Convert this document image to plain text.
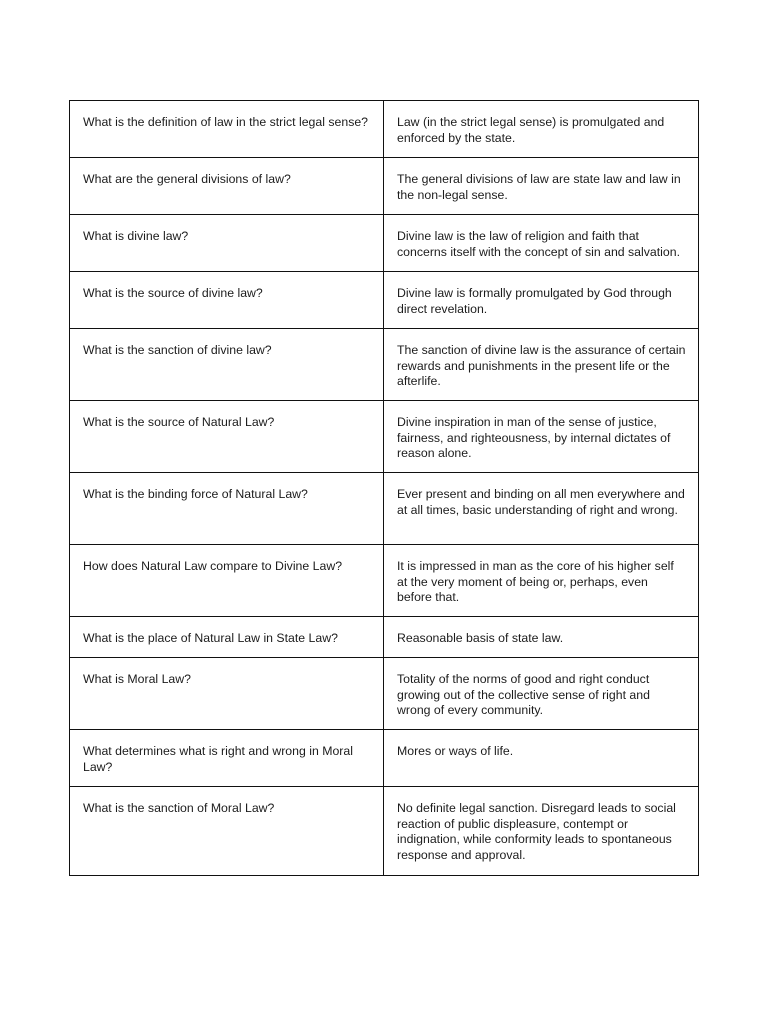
What is the definition of law in the strict legal sense?	Law (in the strict legal sense) is promulgated and enforced by the state.
What are the general divisions of law?	The general divisions of law are state law and law in the non-legal sense.
What is divine law?	Divine law is the law of religion and faith that concerns itself with the concept of sin and salvation.
What is the source of divine law?	Divine law is formally promulgated by God through direct revelation.
What is the sanction of divine law?	The sanction of divine law is the assurance of certain rewards and punishments in the present life or the afterlife.
What is the source of Natural Law?	Divine inspiration in man of the sense of justice, fairness, and righteousness, by internal dictates of reason alone.
What is the binding force of Natural Law?	Ever present and binding on all men everywhere and at all times, basic understanding of right and wrong.
How does Natural Law compare to Divine Law?	It is impressed in man as the core of his higher self at the very moment of being or, perhaps, even before that.
What is the place of Natural Law in State Law?	Reasonable basis of state law.
What is Moral Law?	Totality of the norms of good and right conduct growing out of the collective sense of right and wrong of every community.
What determines what is right and wrong in Moral Law?	Mores or ways of life.
What is the sanction of Moral Law?	No definite legal sanction. Disregard leads to social reaction of public displeasure, contempt or indignation, while conformity leads to spontaneous response and approval.
